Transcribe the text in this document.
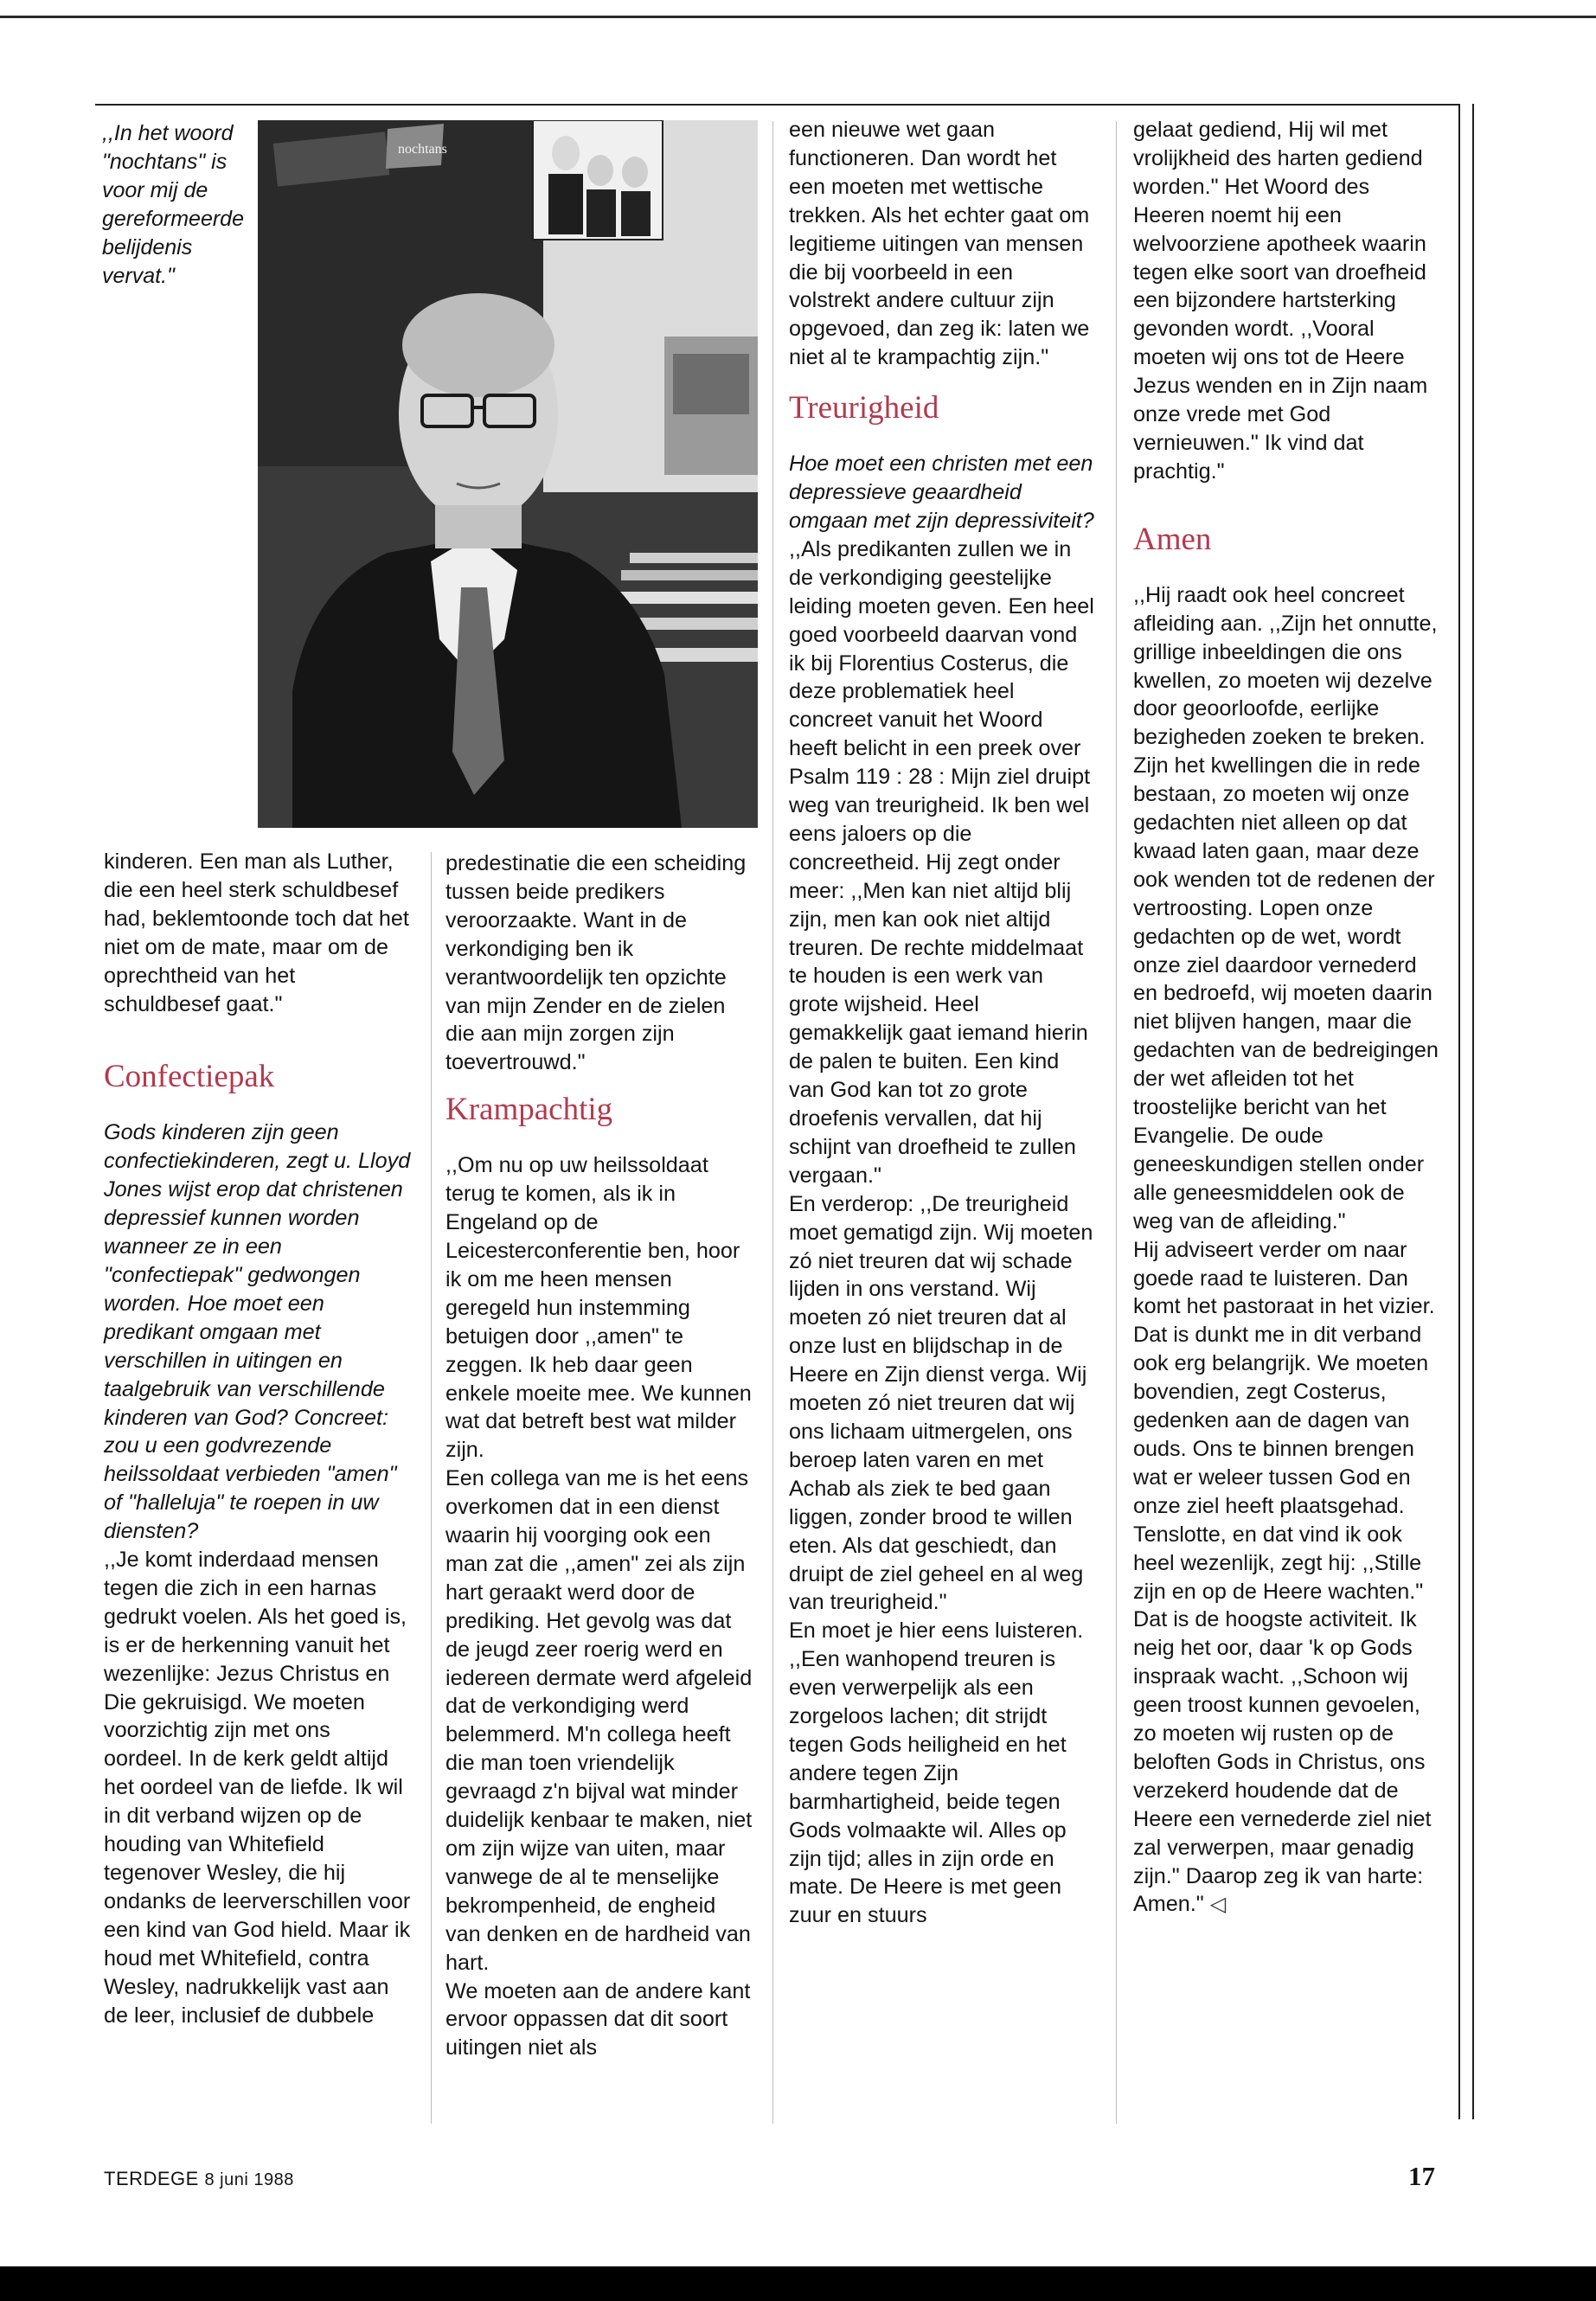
,,In het woord "nochtans" is voor mij de gereformeerde belijdenis vervat."
nochtans

kinderen. Een man als Luther, die een heel sterk schuldbesef had, beklemtoonde toch dat het niet om de mate, maar om de oprechtheid van het schuldbesef gaat."

Confectiepak

Gods kinderen zijn geen confectiekinderen, zegt u. Lloyd Jones wijst erop dat christenen depressief kunnen worden wanneer ze in een "confectiepak" gedwongen worden. Hoe moet een predikant omgaan met verschillen in uitingen en taalgebruik van verschillende kinderen van God? Concreet: zou u een godvrezende heilssoldaat verbieden "amen" of "halleluja" te roepen in uw diensten?

,,Je komt inderdaad mensen tegen die zich in een harnas gedrukt voelen. Als het goed is, is er de herkenning vanuit het wezenlijke: Jezus Christus en Die gekruisigd. We moeten voorzichtig zijn met ons oordeel. In de kerk geldt altijd het oordeel van de liefde. Ik wil in dit verband wijzen op de houding van Whitefield tegenover Wesley, die hij ondanks de leerverschillen voor een kind van God hield. Maar ik houd met Whitefield, contra Wesley, nadrukkelijk vast aan de leer, inclusief de dubbele

predestinatie die een scheiding tussen beide predikers veroorzaakte. Want in de verkondiging ben ik verantwoordelijk ten opzichte van mijn Zender en de zielen die aan mijn zorgen zijn toevertrouwd."

Krampachtig

,,Om nu op uw heilssoldaat terug te komen, als ik in Engeland op de Leicesterconferentie ben, hoor ik om me heen mensen geregeld hun instemming betuigen door ,,amen" te zeggen. Ik heb daar geen enkele moeite mee. We kunnen wat dat betreft best wat milder zijn.

Een collega van me is het eens overkomen dat in een dienst waarin hij voorging ook een man zat die ,,amen" zei als zijn hart geraakt werd door de prediking. Het gevolg was dat de jeugd zeer roerig werd en iedereen dermate werd afgeleid dat de verkondiging werd belemmerd. M'n collega heeft die man toen vriendelijk gevraagd z'n bijval wat minder duidelijk kenbaar te maken, niet om zijn wijze van uiten, maar vanwege de al te menselijke bekrompenheid, de engheid van denken en de hardheid van hart.

We moeten aan de andere kant ervoor oppassen dat dit soort uitingen niet als

een nieuwe wet gaan functioneren. Dan wordt het een moeten met wettische trekken. Als het echter gaat om legitieme uitingen van mensen die bij voorbeeld in een volstrekt andere cultuur zijn opgevoed, dan zeg ik: laten we niet al te krampachtig zijn."

Treurigheid

Hoe moet een christen met een depressieve geaardheid omgaan met zijn depressiviteit?

,,Als predikanten zullen we in de verkondiging geestelijke leiding moeten geven. Een heel goed voorbeeld daarvan vond ik bij Florentius Costerus, die deze problematiek heel concreet vanuit het Woord heeft belicht in een preek over Psalm 119 : 28 : Mijn ziel druipt weg van treurigheid. Ik ben wel eens jaloers op die concreetheid. Hij zegt onder meer: ,,Men kan niet altijd blij zijn, men kan ook niet altijd treuren. De rechte middelmaat te houden is een werk van grote wijsheid. Heel gemakkelijk gaat iemand hierin de palen te buiten. Een kind van God kan tot zo grote droefenis vervallen, dat hij schijnt van droefheid te zullen vergaan."

En verderop: ,,De treurigheid moet gematigd zijn. Wij moeten zó niet treuren dat wij schade lijden in ons verstand. Wij moeten zó niet treuren dat al onze lust en blijdschap in de Heere en Zijn dienst verga. Wij moeten zó niet treuren dat wij ons lichaam uitmergelen, ons beroep laten varen en met Achab als ziek te bed gaan liggen, zonder brood te willen eten. Als dat geschiedt, dan druipt de ziel geheel en al weg van treurigheid."

En moet je hier eens luisteren. ,,Een wanhopend treuren is even verwerpelijk als een zorgeloos lachen; dit strijdt tegen Gods heiligheid en het andere tegen Zijn barmhartigheid, beide tegen Gods volmaakte wil. Alles op zijn tijd; alles in zijn orde en mate. De Heere is met geen zuur en stuurs

gelaat gediend, Hij wil met vrolijkheid des harten gediend worden." Het Woord des Heeren noemt hij een welvoorziene apotheek waarin tegen elke soort van droefheid een bijzondere hartsterking gevonden wordt. ,,Vooral moeten wij ons tot de Heere Jezus wenden en in Zijn naam onze vrede met God vernieuwen." Ik vind dat prachtig."

Amen

,,Hij raadt ook heel concreet afleiding aan. ,,Zijn het onnutte, grillige inbeeldingen die ons kwellen, zo moeten wij dezelve door geoorloofde, eerlijke bezigheden zoeken te breken. Zijn het kwellingen die in rede bestaan, zo moeten wij onze gedachten niet alleen op dat kwaad laten gaan, maar deze ook wenden tot de redenen der vertroosting. Lopen onze gedachten op de wet, wordt onze ziel daardoor vernederd en bedroefd, wij moeten daarin niet blijven hangen, maar die gedachten van de bedreigingen der wet afleiden tot het troostelijke bericht van het Evangelie. De oude geneeskundigen stellen onder alle geneesmiddelen ook de weg van de afleiding."

Hij adviseert verder om naar goede raad te luisteren. Dan komt het pastoraat in het vizier. Dat is dunkt me in dit verband ook erg belangrijk. We moeten bovendien, zegt Costerus, gedenken aan de dagen van ouds. Ons te binnen brengen wat er weleer tussen God en onze ziel heeft plaatsgehad. Tenslotte, en dat vind ik ook heel wezenlijk, zegt hij: ,,Stille zijn en op de Heere wachten." Dat is de hoogste activiteit. Ik neig het oor, daar 'k op Gods inspraak wacht. ,,Schoon wij geen troost kunnen gevoelen, zo moeten wij rusten op de beloften Gods in Christus, ons verzekerd houdende dat de Heere een vernederde ziel niet zal verwerpen, maar genadig zijn." Daarop zeg ik van harte: Amen." ◁

TERDEGE 8 juni 1988	17
